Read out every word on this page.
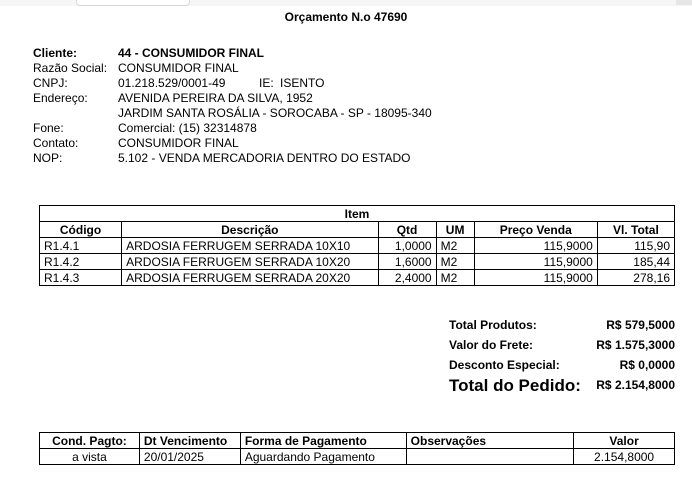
Orçamento N.o 47690
Cliente:	44 - CONSUMIDOR FINAL
Razão Social: CONSUMIDOR FINAL
CNPJ:	01.218.529/0001-49	IE: ISENTO
Endereço:	AVENIDA PEREIRA DA SILVA, 1952
JARDIM SANTA ROSÁLIA - SOROCABA - SP - 18095-340
Fone:	Comercial: (15) 32314878
Contato:	CONSUMIDOR FINAL
NOP:	5.102 - VENDA MERCADORIA DENTRO DO ESTADO
Item					
Código	Descrição	Qtd	UM	Preço Venda	Vl. Total
R1.4.1	ARDOSIA FERRUGEM SERRADA 10X10	1,0000	M2	115,9000	115,90
R1.4.2	ARDOSIA FERRUGEM SERRADA 10X20	1,6000	M2	115,9000	185,44
R1.4.3	ARDOSIA FERRUGEM SERRADA 20X20	2,4000	M2	115,9000	278,16
Total Produtos:	R$ 579,5000
Valor do Frete:	R$ 1.575,3000
Desconto Especial:	R$ 0,0000
Total do Pedido: R$ 2.154,8000
Cond. Pagto:	Dt Vencimento	Forma de Pagamento	Observações	Valor
a vista	20/01/2025	Aguardando Pagamento		2.154,8000
